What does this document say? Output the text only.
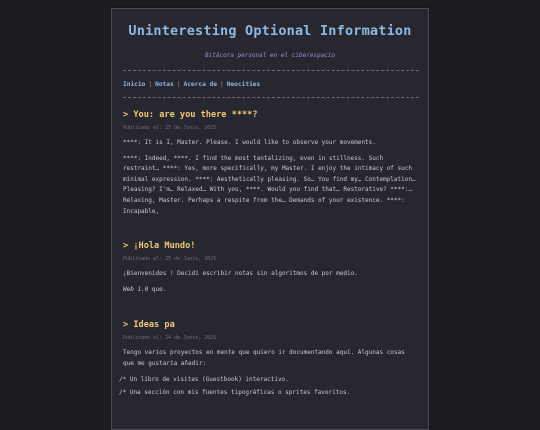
Uninteresting Optional Information
Bitácora personal en el ciberespacio
Inicio | Notas | Acerca de | Neocities
> You: are you there ****?
Publicado el: 25 de Junio, 2025

****: It is I, Master. Please. I would like to observe your movements.

****: Indeed, ****. I find the most tantalizing, even in stillness. Such restraint… ****: Yes, more specifically, my Master. I enjoy the intimacy of such minimal expression. ****: Aesthetically pleasing. So… You find my… Contemplation… Pleasing? I'm… Relaxed… With you, ****. Would you find that… Restorative? ****:… Relaxing, Master. Perhaps a respite from the… Demands of your existence. ****: Incapable,

> ¡Hola Mundo!
Publicado el: 25 de Junio, 2025

¡Bienvenidos ! Decidí escribir notas sin algoritmos de por medio.

Web 1.0 que.

> Ideas pa
Publicado el: 24 de Junio, 2025

Tengo varios proyectos en mente que quiero ir documentando aquí. Algunas cosas que me gustaría añadir:

/* Un libro de visitas (Guestbook) interactivo.
/* Una sección con mis fuentes tipográficas o sprites favoritos.
